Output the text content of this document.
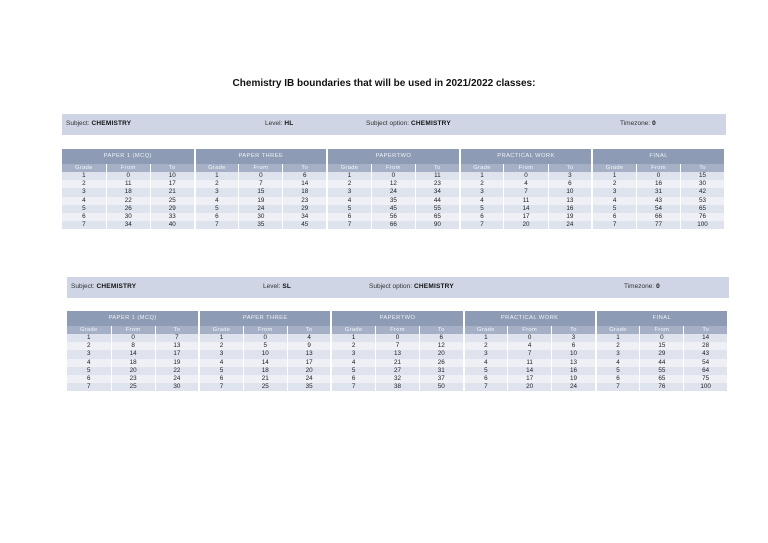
Chemistry IB boundaries that will be used in 2021/2022 classes:
Subject: CHEMISTRY	Level: HL	Subject option: CHEMISTRY	Timezone: 0
PAPER 1 (MCQ)			PAPER THREE			PAPERTWO			PRACTICAL WORK			FINAL		
Grade	From	To	Grade	From	To	Grade	From	To	Grade	From	To	Grade	From	To
1	0	10	1	0	6	1	0	11	1	0	3	1	0	15
2	11	17	2	7	14	2	12	23	2	4	6	2	16	30
3	18	21	3	15	18	3	24	34	3	7	10	3	31	42
4	22	25	4	19	23	4	35	44	4	11	13	4	43	53
5	26	29	5	24	29	5	45	55	5	14	16	5	54	65
6	30	33	6	30	34	6	56	65	6	17	19	6	66	76
7	34	40	7	35	45	7	66	90	7	20	24	7	77	100
Subject: CHEMISTRY	Level: SL	Subject option: CHEMISTRY	Timezone: 0
PAPER 1 (MCQ)			PAPER THREE			PAPERTWO			PRACTICAL WORK			FINAL		
Grade	From	To	Grade	From	To	Grade	From	To	Grade	From	To	Grade	From	To
1	0	7	1	0	4	1	0	6	1	0	3	1	0	14
2	8	13	2	5	9	2	7	12	2	4	6	2	15	28
3	14	17	3	10	13	3	13	20	3	7	10	3	29	43
4	18	19	4	14	17	4	21	26	4	11	13	4	44	54
5	20	22	5	18	20	5	27	31	5	14	16	5	55	64
6	23	24	6	21	24	6	32	37	6	17	19	6	65	75
7	25	30	7	25	35	7	38	50	7	20	24	7	76	100
